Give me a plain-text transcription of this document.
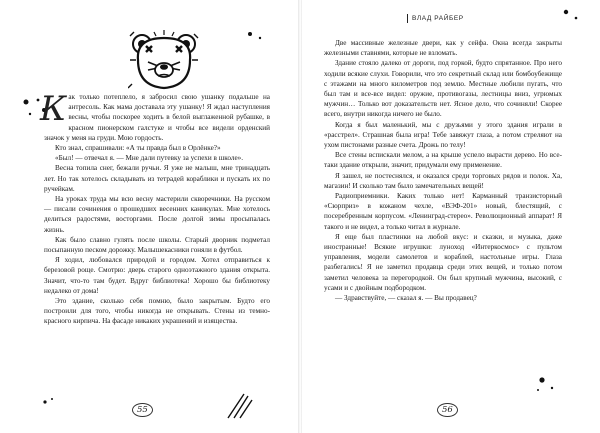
Как только потеплело, я забросил свою ушанку подальше на антресоль. Как мама доставала эту ушанку! Я ждал наступления весны, чтобы поскорее ходить в белой выглаженной рубашке, в красном пионерском галстуке и чтобы все видели орденский значок у меня на груди. Мою гордость.

Кто знал, спрашивали: «А ты правда был в Орлёнке?»

«Был! — отвечал я. — Мне дали путевку за успехи в школе».

Весна топила снег, бежали ручьи. Я уже не малыш, мне тринадцать лет. Но так хотелось складывать из тетрадей кораблики и пускать их по ручейкам.

На уроках труда мы всю весну мастерили скворечники. На русском — писали сочинения о прошедших весенних каникулах. Мне хотелось делиться радостями, восторгами. После долгой зимы просыпалась жизнь.

Как было славно гулять после школы. Старый дворник подметал посыпанную песком дорожку. Малышекасники гоняли в футбол.

Я ходил, любовался природой и городом. Хотел отправиться к березовой роще. Смотрю: дверь старого одноэтажного здания открыта. Значит, что-то там будет. Вдруг библиотека! Хорошо бы библиотеку недалеко от дома!

Это здание, сколько себя помню, было закрытым. Будто его построили для того, чтобы никогда не открывать. Стены из темно-красного кирпича. На фасаде никаких украшений и изящества.

55
ВЛАД РАЙБЕР

Две массивные железные двери, как у сейфа. Окна всегда закрыты железными ставнями, которые не взломать.

Здание стояло далеко от дороги, под горкой, будто спрятанное. Про него ходили всякие слухи. Говорили, что это секретный склад или бомбоубежище с этажами на много километров под землю. Местные любили пугать, что был там и все-все видел: оружие, противогазы, лестницы вниз, угрюмых мужчин… Только вот доказательств нет. Ясное дело, что сочиняли! Скорее всего, внутри никогда ничего не было.

Когда я был маленький, мы с друзьями у этого здания играли в «расстрел». Страшная была игра! Тебе завяжут глаза, а потом стреляют на ухом пистонами разные счета. Дрожь по телу!

Все стены вспискали мелом, а на крыше успело вырасти дерево. Но все-таки здание открыли, значит, придумали ему применение.

Я зашел, не постеснялся, и оказался среди торговых рядов и полок. Ха, магазин! И сколько там было замечательных вещей!

Радиоприемники. Каких только нет! Карманный транзисторный «Сюрприз» в кожаном чехле, «ВЭФ-201» новый, блестящий, с посеребренным корпусом. «Ленинград-стерео». Революционный аппарат! Я такого и не видел, а только читал в журнале.

Я еще был пластинки на любой вкус: и сказки, и музыка, даже иностранные! Всякие игрушки: луноход «Интеркосмос» с пультом управления, модели самолетов и кораблей, настольные игры. Глаза разбегались! Я не заметил продавца среди этих вещей, и только потом заметил человека за перегородкой. Он был крупный мужчина, высокий, с усами и с двойным подбородком.

— Здравствуйте, — сказал я. — Вы продавец?

56
